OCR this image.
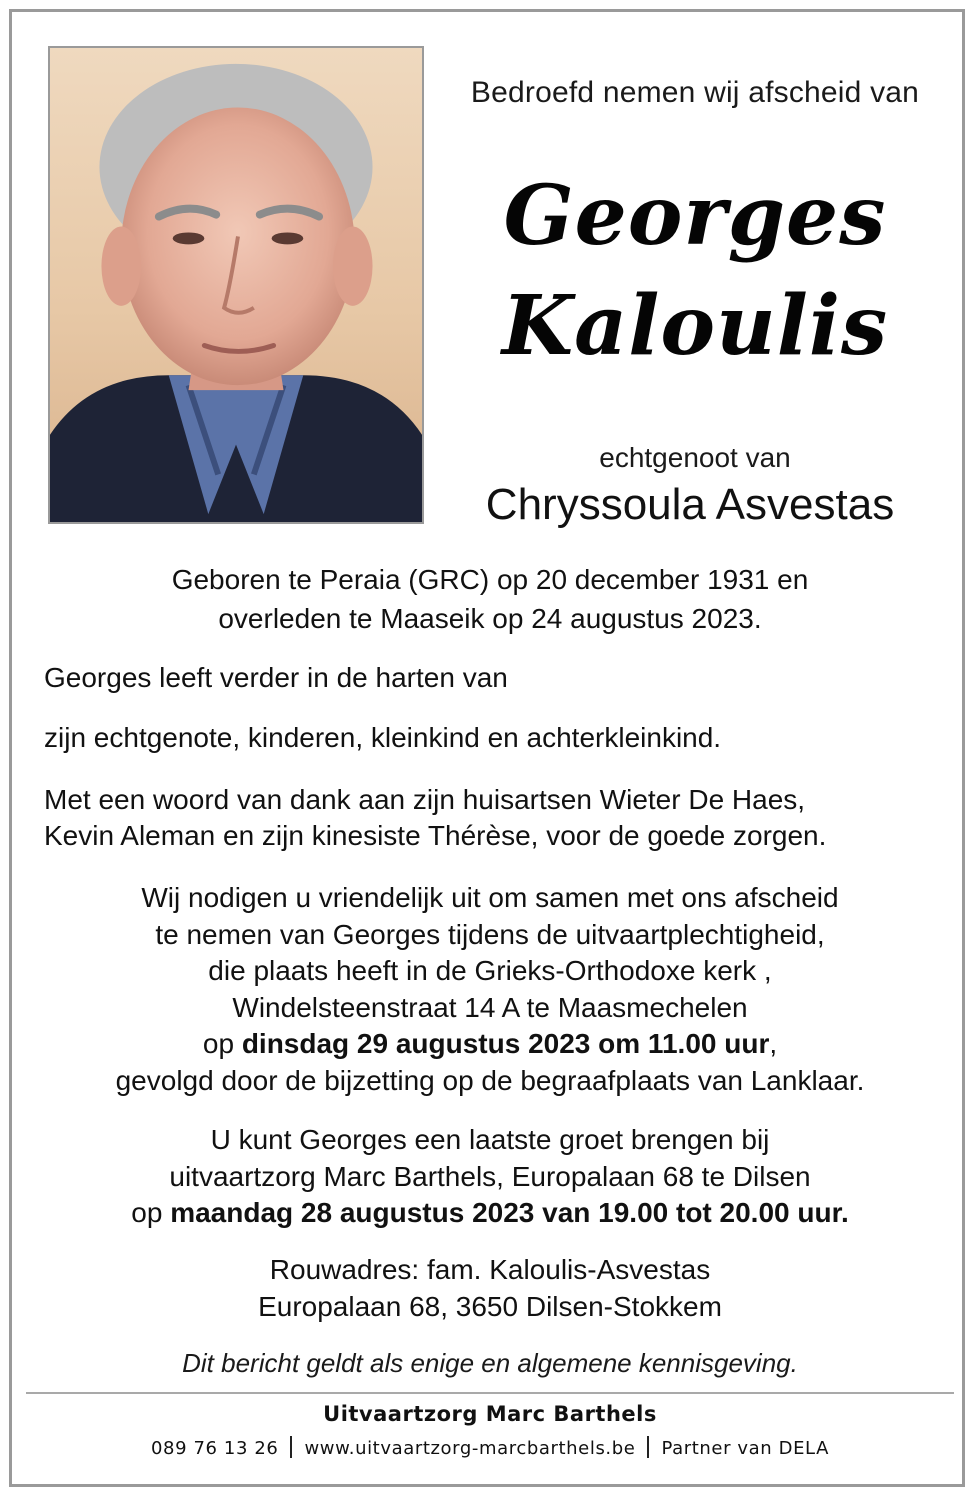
Bedroefd nemen wij afscheid van
Georges
Kaloulis
echtgenoot van
Chryssoula Asvestas
Geboren te Peraia (GRC) op 20 december 1931 en
overleden te Maaseik op 24 augustus 2023.
Georges leeft verder in de harten van
zijn echtgenote, kinderen, kleinkind en achterkleinkind.
Met een woord van dank aan zijn huisartsen Wieter De Haes,
Kevin Aleman en zijn kinesiste Thérèse, voor de goede zorgen.
Wij nodigen u vriendelijk uit om samen met ons afscheid
te nemen van Georges tijdens de uitvaartplechtigheid,
die plaats heeft in de Grieks-Orthodoxe kerk ,
Windelsteenstraat 14 A te Maasmechelen
op dinsdag 29 augustus 2023 om 11.00 uur,
gevolgd door de bijzetting op de begraafplaats van Lanklaar.
U kunt Georges een laatste groet brengen bij
uitvaartzorg Marc Barthels, Europalaan 68 te Dilsen
op maandag 28 augustus 2023 van 19.00 tot 20.00 uur.
Rouwadres: fam. Kaloulis-Asvestas
Europalaan 68, 3650 Dilsen-Stokkem
Dit bericht geldt als enige en algemene kennisgeving.
Uitvaartzorg Marc Barthels
089 76 13 26 www.uitvaartzorg-marcbarthels.be Partner van DELA
